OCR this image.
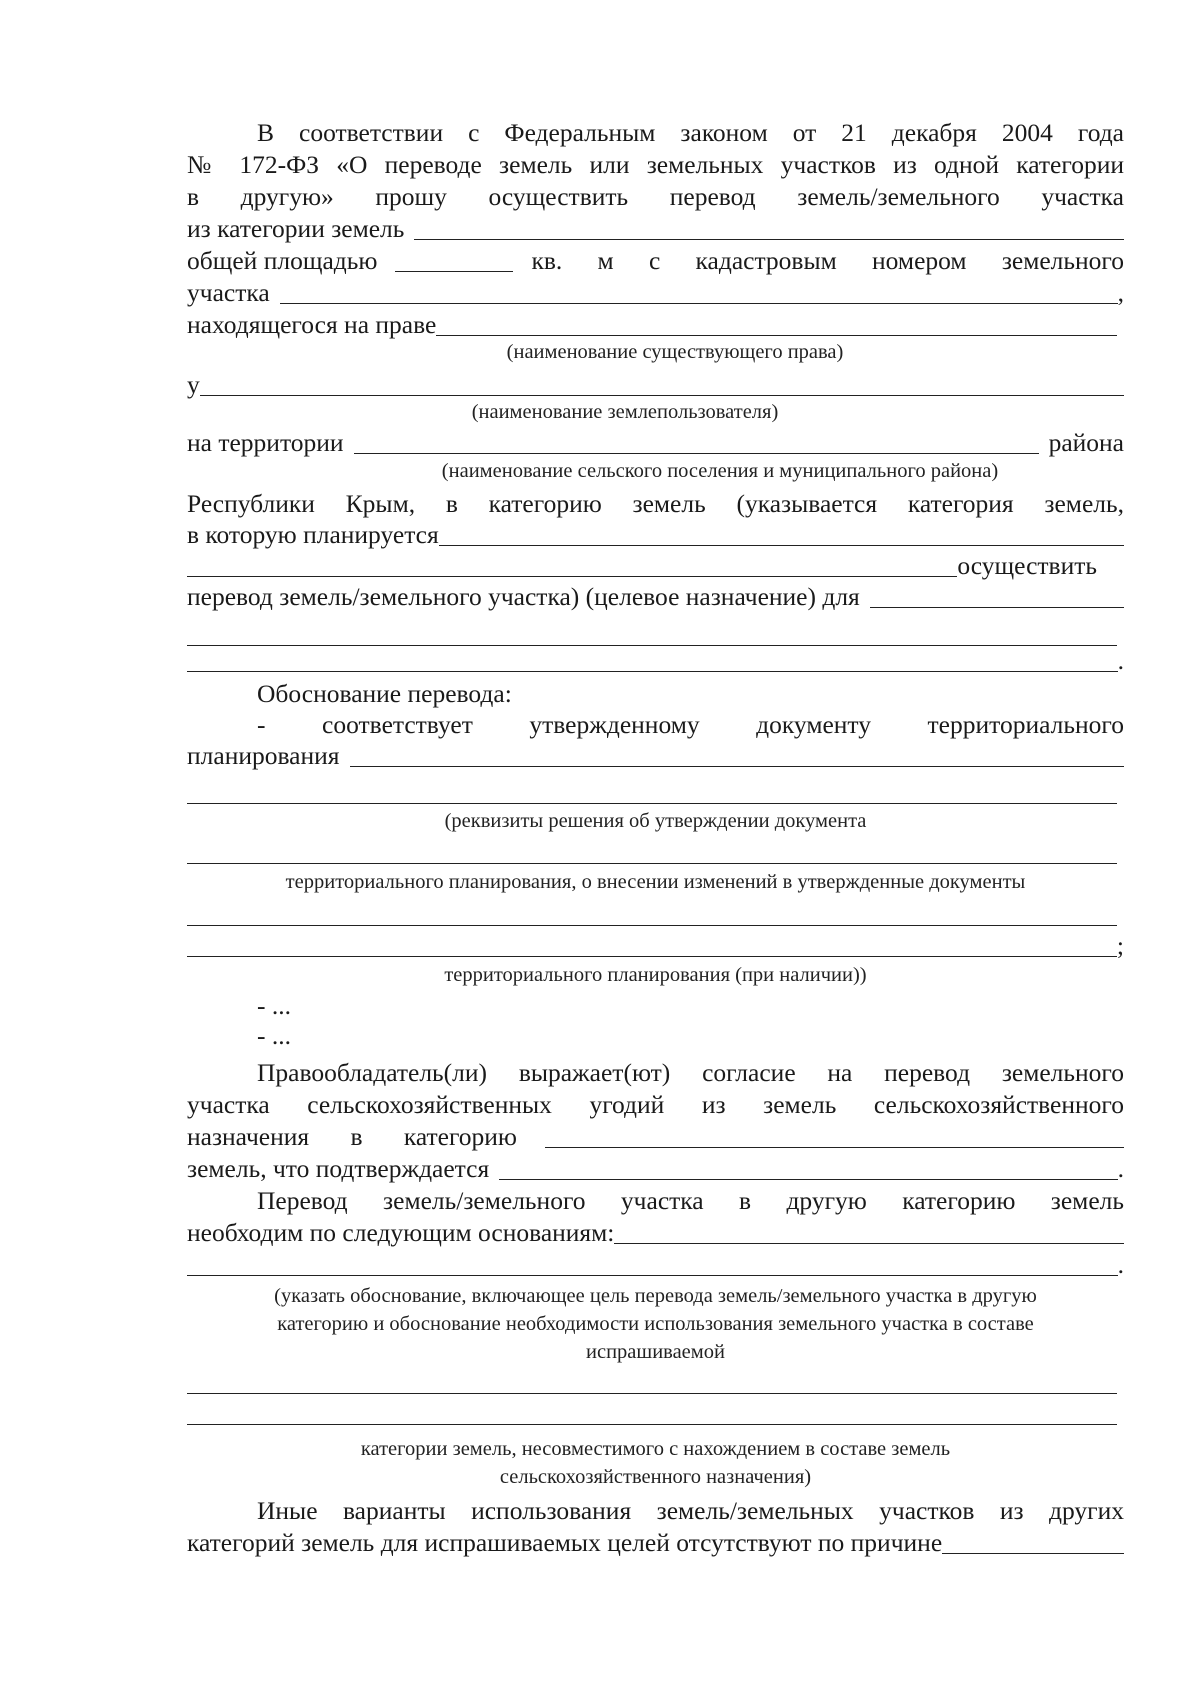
В соответствии с Федеральным законом от 21 декабря 2004 года
№ 172-ФЗ «О переводе земель или земельных участков из одной категории
в другую» прошу осуществить перевод земель/земельного участка
из категории земель
общей площадью	кв. м с кадастровым номером земельного
участка	,
находящегося на праве
(наименование существующего права)
у
(наименование землепользователя)
на территории	района
(наименование сельского поселения и муниципального района)
Республики Крым, в категорию земель (указывается категория земель,
в которую планируется
осуществить
перевод земель/земельного участка) (целевое назначение) для
.
Обоснование перевода:
- соответствует утвержденному документу территориального
планирования
(реквизиты решения об утверждении документа
территориального планирования, о внесении изменений в утвержденные документы
;
территориального планирования (при наличии))
- ...
- ...
Правообладатель(ли) выражает(ют) согласие на перевод земельного
участка сельскохозяйственных угодий из земель сельскохозяйственного
назначения в категорию
земель, что подтверждается	.
Перевод земель/земельного участка в другую категорию земель
необходим по следующим основаниям:
.
(указать обоснование, включающее цель перевода земель/земельного участка в другую
категорию и обоснование необходимости использования земельного участка в составе
испрашиваемой
категории земель, несовместимого с нахождением в составе земель
сельскохозяйственного назначения)
Иные варианты использования земель/земельных участков из других
категорий земель для испрашиваемых целей отсутствуют по причине
